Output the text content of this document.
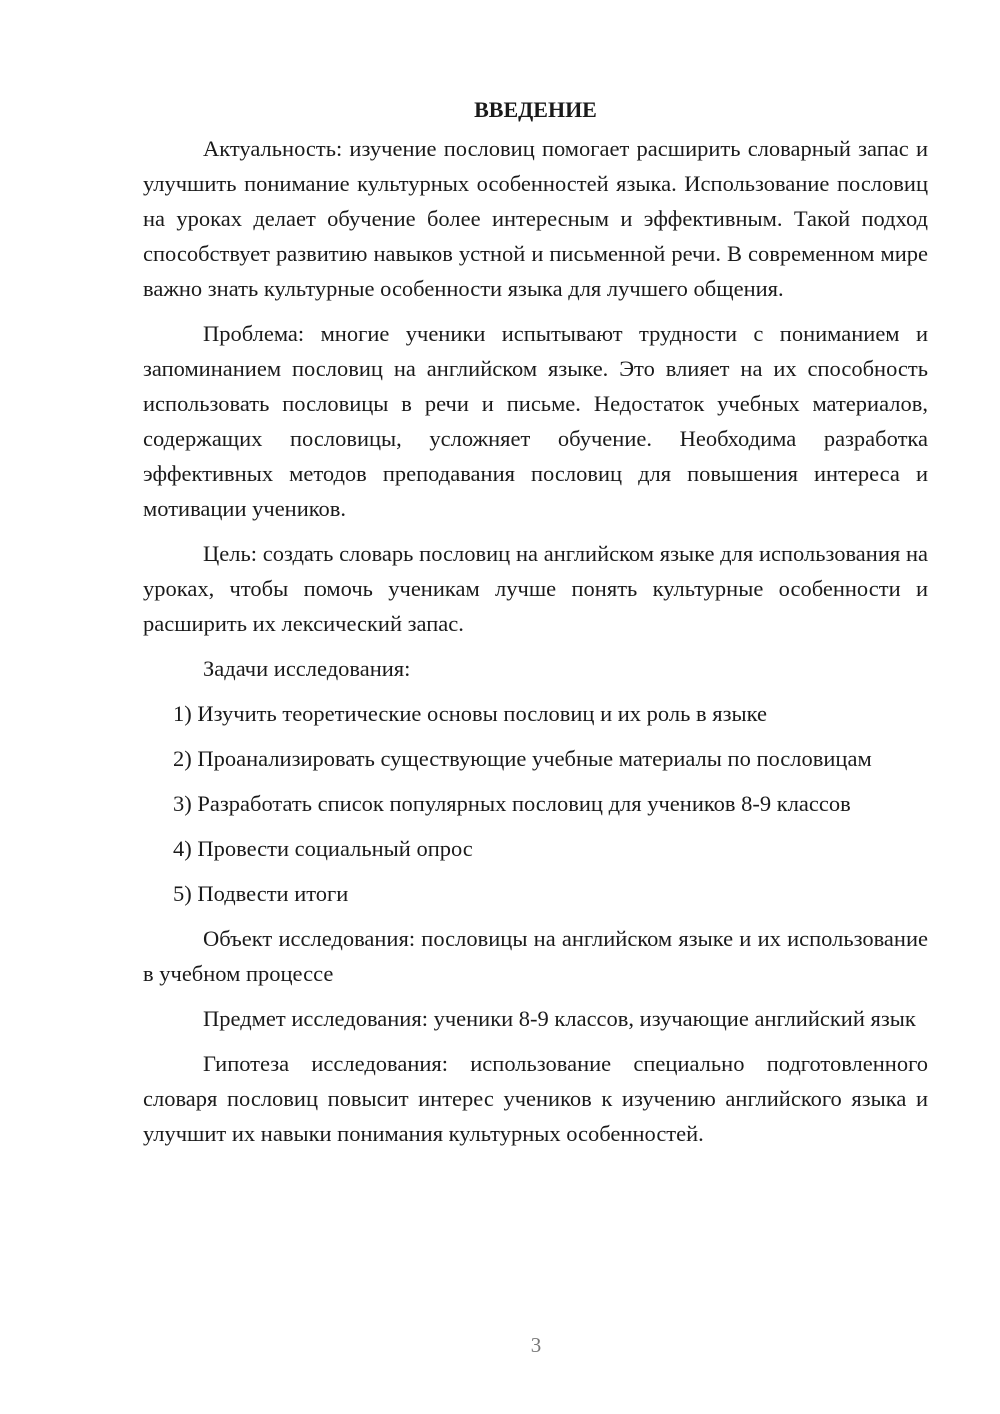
ВВЕДЕНИЕ

Актуальность: изучение пословиц помогает расширить словарный запас и улучшить понимание культурных особенностей языка. Использование пословиц на уроках делает обучение более интересным и эффективным. Такой подход способствует развитию навыков устной и письменной речи. В современном мире важно знать культурные особенности языка для лучшего общения.

Проблема: многие ученики испытывают трудности с пониманием и запоминанием пословиц на английском языке. Это влияет на их способность использовать пословицы в речи и письме. Недостаток учебных материалов, содержащих пословицы, усложняет обучение. Необходима разработка эффективных методов преподавания пословиц для повышения интереса и мотивации учеников.

Цель: создать словарь пословиц на английском языке для использования на уроках, чтобы помочь ученикам лучше понять культурные особенности и расширить их лексический запас.

Задачи исследования:

1) Изучить теоретические основы пословиц и их роль в языке

2) Проанализировать существующие учебные материалы по пословицам

3) Разработать список популярных пословиц для учеников 8-9 классов

4) Провести социальный опрос

5) Подвести итоги

Объект исследования: пословицы на английском языке и их использование в учебном процессе

Предмет исследования: ученики 8-9 классов, изучающие английский язык

Гипотеза исследования: использование специально подготовленного словаря пословиц повысит интерес учеников к изучению английского языка и улучшит их навыки понимания культурных особенностей.

3
